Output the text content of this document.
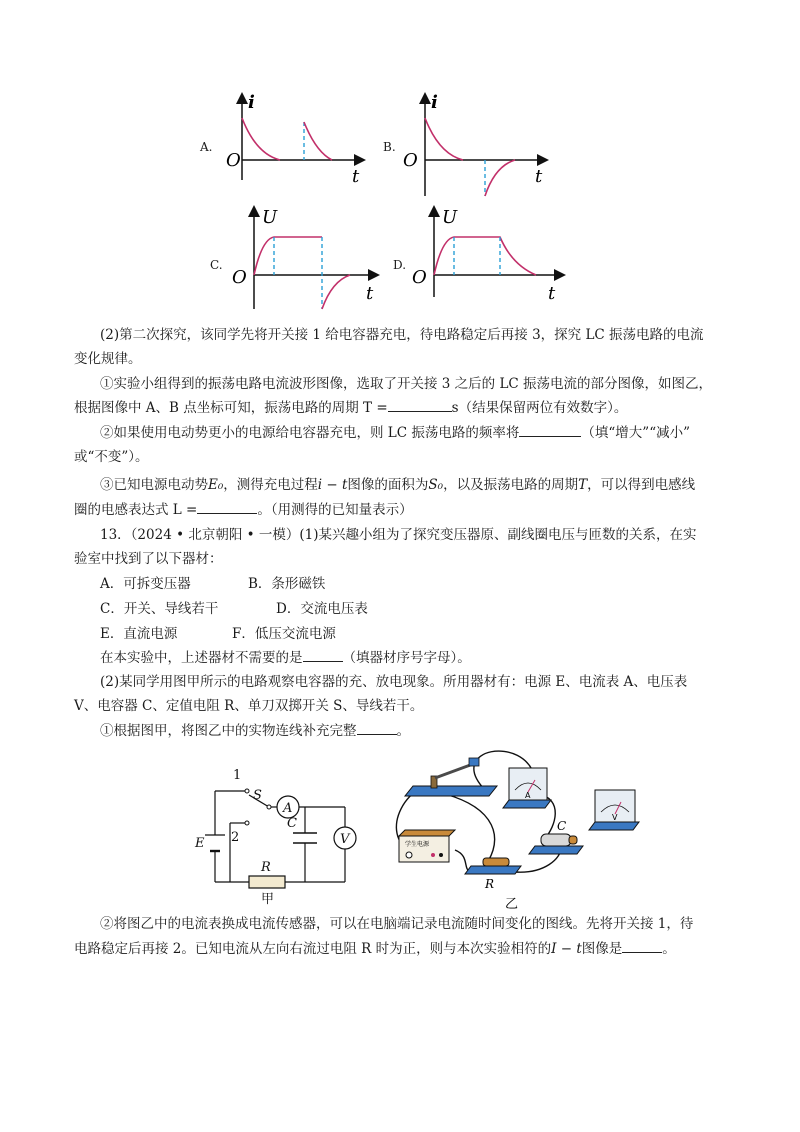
A.
i
O
t
B.
i
O
t
C.
U
O
t
D.
U
O
t
(2)第二次探究，该同学先将开关接 1 给电容器充电，待电路稳定后再接 3，探究 LC 振荡电路的电流
变化规律。
①实验小组得到的振荡电路电流波形图像，选取了开关接 3 之后的 LC 振荡电流的部分图像，如图乙，
根据图像中 A、B 点坐标可知，振荡电路的周期 T =	s（结果保留两位有效数字）。
②如果使用电动势更小的电源给电容器充电，则 LC 振荡电路的频率将	（填“增大”“减小”
或“不变”）。
③已知电源电动势E₀，测得充电过程i − t图像的面积为S₀，以及振荡电路的周期T，可以得到电感线
圈的电感表达式 L =	。（用测得的已知量表示）
13．（2024 • 北京朝阳 • 一模）(1)某兴趣小组为了探究变压器原、副线圈电压与匝数的关系，在实
验室中找到了以下器材：
A．可拆变压器	B．条形磁铁
C．开关、导线若干	D．交流电压表
E．直流电源	F．低压交流电源
在本实验中，上述器材不需要的是	（填器材序号字母）。
(2)某同学用图甲所示的电路观察电容器的充、放电现象。所用器材有：电源 E、电流表 A、电压表
V、电容器 C、定值电阻 R、单刀双掷开关 S、导线若干。
①根据图甲，将图乙中的实物连线补充完整	。
1
S
2
A
C
V
E
R
甲
A
V
学生电源
C
R
乙
②将图乙中的电流表换成电流传感器，可以在电脑端记录电流随时间变化的图线。先将开关接 1，待
电路稳定后再接 2。已知电流从左向右流过电阻 R 时为正，则与本次实验相符的I − t图像是	。
